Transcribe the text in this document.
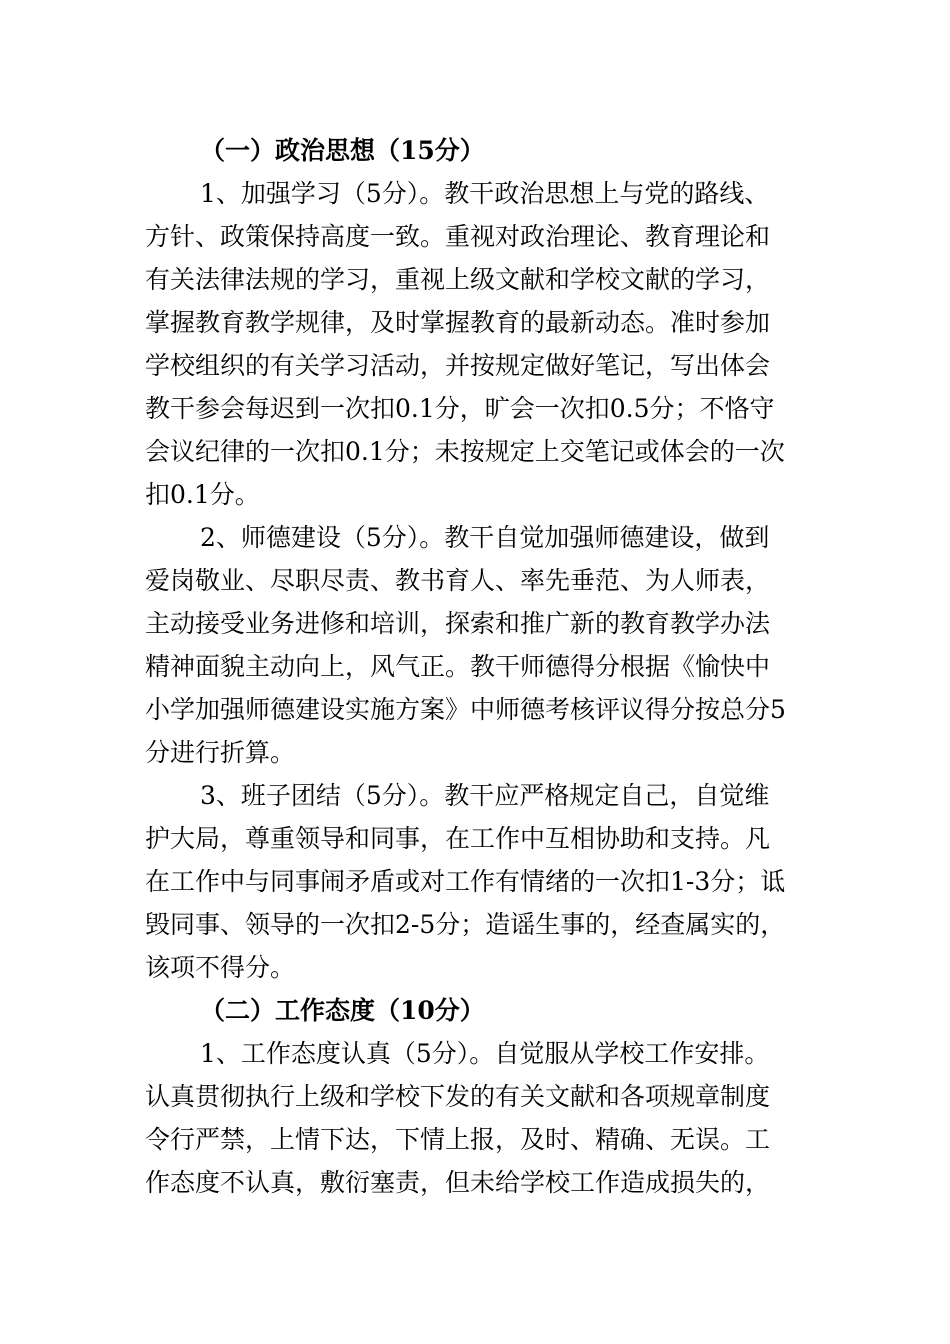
（一）政治思想（15分）
1、加强学习（5分）。教干政治思想上与党的路线、
方针、政策保持高度一致。重视对政治理论、教育理论和
有关法律法规的学习，重视上级文献和学校文献的学习，
掌握教育教学规律，及时掌握教育的最新动态。准时参加
学校组织的有关学习活动，并按规定做好笔记，写出体会
教干参会每迟到一次扣0.1分，旷会一次扣0.5分；不恪守
会议纪律的一次扣0.1分；未按规定上交笔记或体会的一次
扣0.1分。
2、师德建设（5分）。教干自觉加强师德建设，做到
爱岗敬业、尽职尽责、教书育人、率先垂范、为人师表，
主动接受业务进修和培训，探索和推广新的教育教学办法
精神面貌主动向上，风气正。教干师德得分根据《愉快中
小学加强师德建设实施方案》中师德考核评议得分按总分5
分进行折算。
3、班子团结（5分）。教干应严格规定自己，自觉维
护大局，尊重领导和同事，在工作中互相协助和支持。凡
在工作中与同事闹矛盾或对工作有情绪的一次扣1-3分；诋
毁同事、领导的一次扣2-5分；造谣生事的，经查属实的，
该项不得分。
（二）工作态度（10分）
1、工作态度认真（5分）。自觉服从学校工作安排。
认真贯彻执行上级和学校下发的有关文献和各项规章制度
令行严禁，上情下达，下情上报，及时、精确、无误。工
作态度不认真，敷衍塞责，但未给学校工作造成损失的，
